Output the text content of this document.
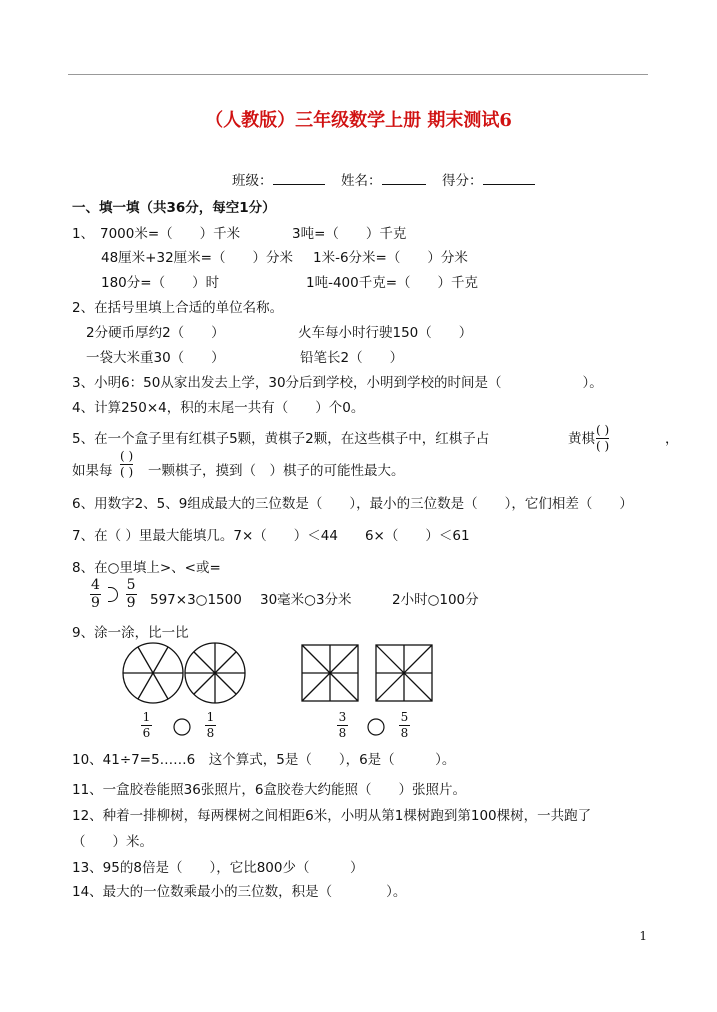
（人教版）三年级数学上册 期末测试6
班级：	姓名：	得分：
一、填一填（共36分，每空1分）
1、 7000米=（　　）千米	3吨=（　　）千克
48厘米+32厘米=（　　）分米 1米-6分米=（　　）分米
180分=（　　）时	1吨-400千克=（　　）千克
2、在括号里填上合适的单位名称。
2分硬币厚约2（　　）	火车每小时行驶150（　　）
一袋大米重30（　　）	铅笔长2（　　）
3、小明6：50从家出发去上学，30分后到学校，小明到学校的时间是（　　　　　　）。
4、计算250×4，积的末尾一共有（　　）个0。
5、在一个盒子里有红棋子5颗，黄棋子2颗，在这些棋子中，红棋子占	黄棋 $\frac{( )}{( )}$	，
如果每 $\frac{( )}{( )}$ 一颗棋子，摸到（　）棋子的可能性最大。
6、用数字2、5、9组成最大的三位数是（　　），最小的三位数是（　　），它们相差（　　）
7、在（ ）里最大能填几。7×（　　）＜44　　6×（　　）＜61
8、在○里填上>、<或=
$\frac{4}{9}$
$\frac{5}{9}$ 597×3○1500 30毫米○3分米	2小时○100分
9、涂一涂，比一比
$\frac{1}{6}$	$\frac{1}{8}$	$\frac{3}{8}$	$\frac{5}{8}$
10、41÷7=5……6　这个算式，5是（　　），6是（　　　）。
11、一盒胶卷能照36张照片，6盒胶卷大约能照（　　）张照片。
12、种着一排柳树，每两棵树之间相距6米，小明从第1棵树跑到第100棵树，一共跑了
（　　）米。
13、95的8倍是（　　），它比800少（　　　）
14、最大的一位数乘最小的三位数，积是（　　　　）。
1
